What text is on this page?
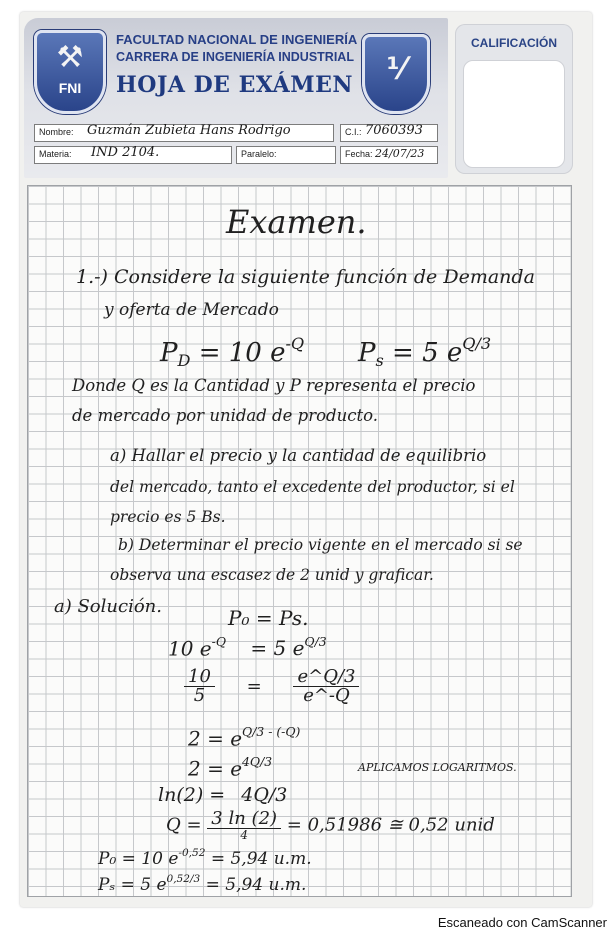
⚒
FNI
FACULTAD NACIONAL DE INGENIERÍA
CARRERA DE INGENIERÍA INDUSTRIAL
HOJA DE EXÁMEN	⅟
Nombre: Guzmán Zubieta Hans Rodrigo	C.I.: 7060393
Materia: IND 2104.	Paralelo:	Fecha: 24/07/23
CALIFICACIÓN
Examen.
1.-) Considere la siguiente función de Demanda
y oferta de Mercado
$P_D = 10$ $e^{-Q}$ $P_s = 5$ $e^{Q/3}$
Donde Q es la Cantidad y P representa el precio
de mercado por unidad de producto.
a) Hallar el precio y la cantidad de equilibrio
del mercado, tanto el excedente del productor, si el
precio es 5 Bs.
b) Determinar el precio vigente en el mercado si se
observa una escasez de 2 unid y graficar.
a) Solución.	P₀ = Ps.
10 $e^{-Q} = 5$ $e^{Q/3}$
$\frac{10}{5} = \frac{e\^{}Q/3}{e\^{}-Q}$
$2 = e^{Q/3 - (-Q)}$
$2 = e^{4Q/3}$	APLICAMOS LOGARITMOS.
ln(2) = 4Q/3
$Q = \frac{3 \ln (2)}{4} = 0,51986$ ≅ 0,52 unid
P₀ = 10 $e^{-0,52} = 5,94$ u.m.
Pₛ = 5 $e^{0,52/3} = 5,94$ u.m.
Escaneado con CamScanner
